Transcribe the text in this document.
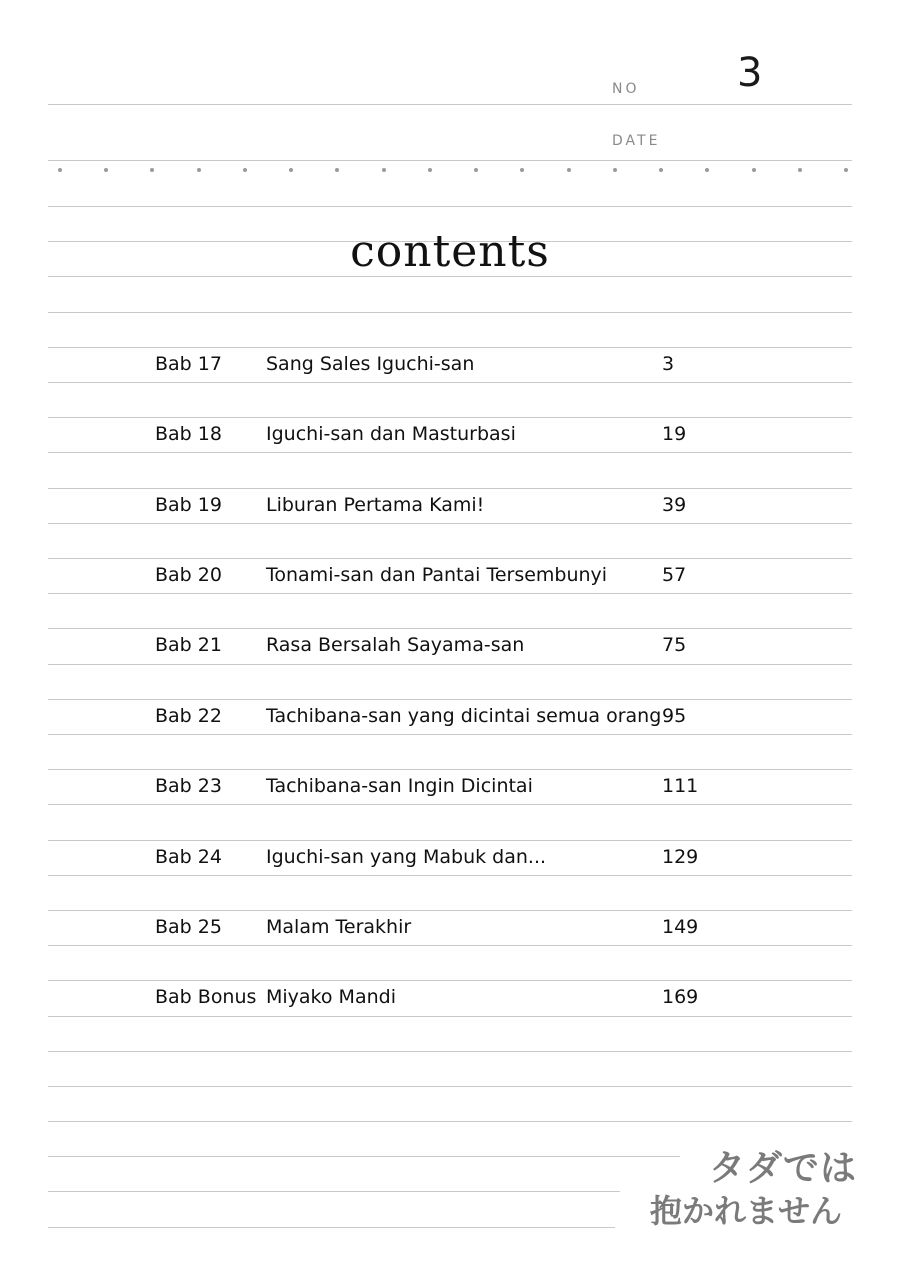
NO 3
DATE
contents
Bab 17 Sang Sales Iguchi-san	3
Bab 18 Iguchi-san dan Masturbasi	19
Bab 19 Liburan Pertama Kami!	39
Bab 20 Tonami-san dan Pantai Tersembunyi	57
Bab 21 Rasa Bersalah Sayama-san	75
Bab 22 Tachibana-san yang dicintai semua orang 95
Bab 23 Tachibana-san Ingin Dicintai	111
Bab 24 Iguchi-san yang Mabuk dan...	129
Bab 25 Malam Terakhir	149
Bab Bonus Miyako Mandi	169
タダでは
抱かれません
